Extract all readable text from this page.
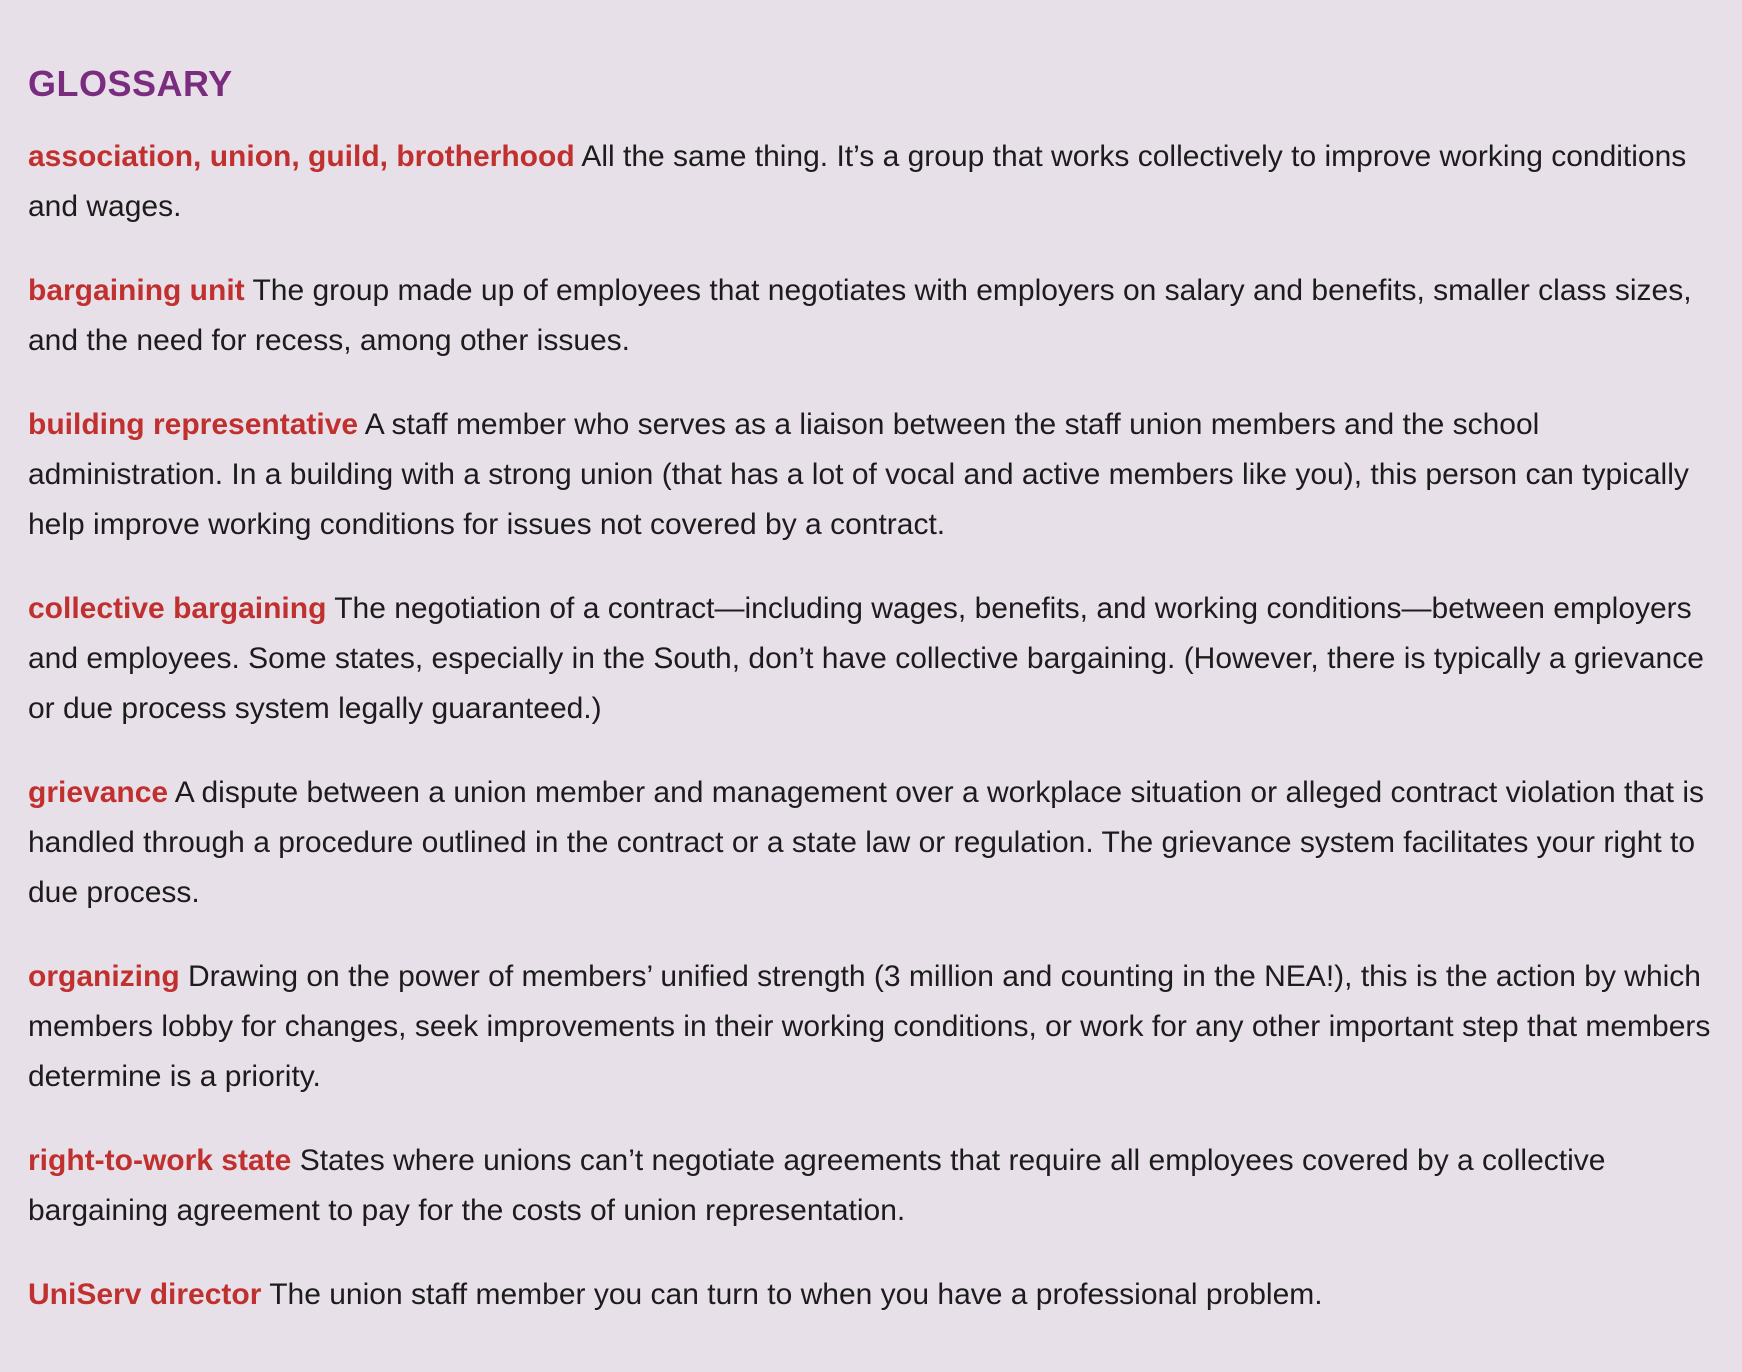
GLOSSARY

association, union, guild, brotherhood All the same thing. It’s a group that works collectively to improve working conditions and wages.

bargaining unit The group made up of employees that negotiates with employers on salary and benefits, smaller class sizes, and the need for recess, among other issues.

building representative A staff member who serves as a liaison between the staff union members and the school administration. In a building with a strong union (that has a lot of vocal and active members like you), this person can typically help improve working conditions for issues not covered by a contract.

collective bargaining The negotiation of a contract—including wages, benefits, and working conditions—between employers and employees. Some states, especially in the South, don’t have collective bargaining. (However, there is typically a grievance or due process system legally guaranteed.)

grievance A dispute between a union member and management over a workplace situation or alleged contract violation that is handled through a procedure outlined in the contract or a state law or regulation. The grievance system facilitates your right to due process.

organizing Drawing on the power of members’ unified strength (3 million and counting in the NEA!), this is the action by which members lobby for changes, seek improvements in their working conditions, or work for any other important step that members determine is a priority.

right-to-work state States where unions can’t negotiate agreements that require all employees covered by a collective bargaining agreement to pay for the costs of union representation.

UniServ director The union staff member you can turn to when you have a professional problem.
